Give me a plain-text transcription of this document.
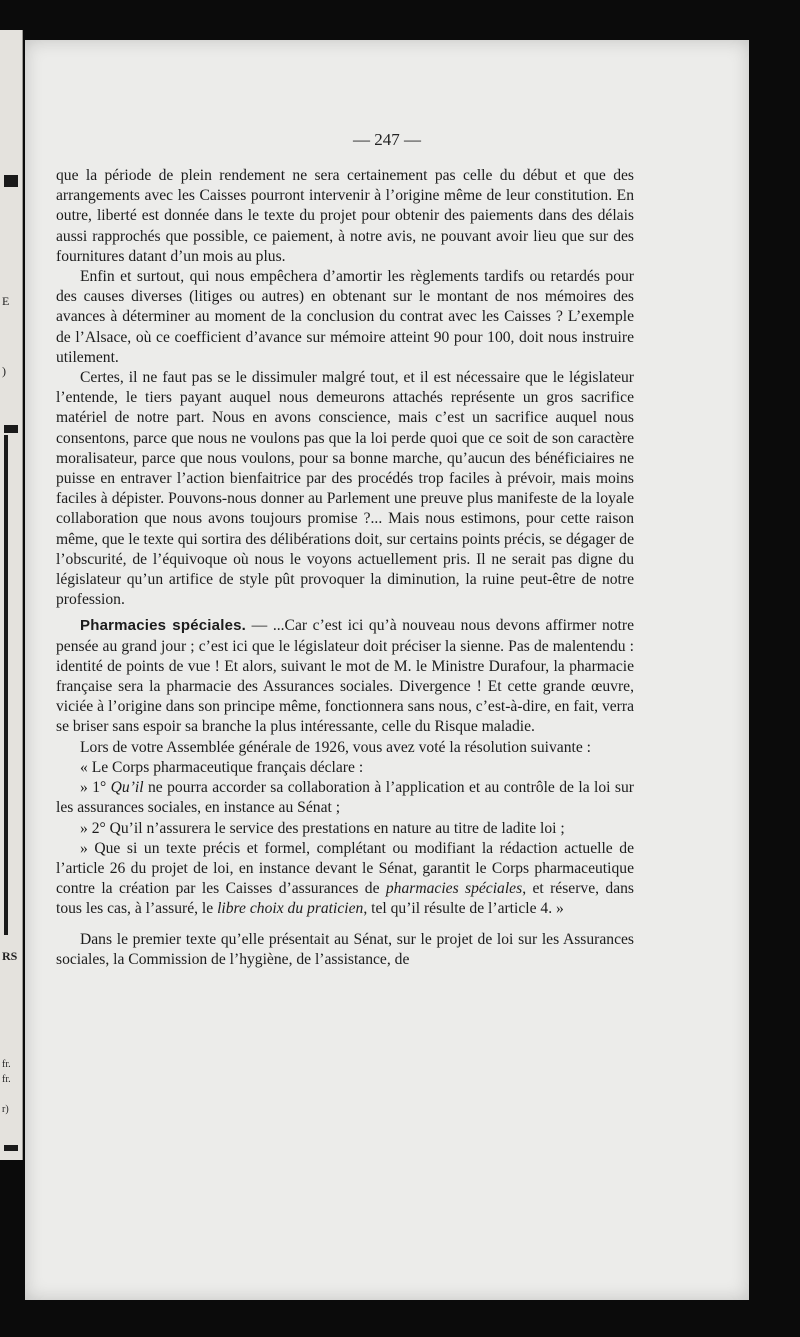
E
)
RS
fr.
fr.
r)
— 247 —

que la période de plein rendement ne sera certainement pas celle du début et que des arrangements avec les Caisses pourront intervenir à l’origine même de leur constitution. En outre, liberté est donnée dans le texte du projet pour obtenir des paiements dans des délais aussi rapprochés que possible, ce paiement, à notre avis, ne pouvant avoir lieu que sur des fournitures datant d’un mois au plus.

Enfin et surtout, qui nous empêchera d’amortir les règlements tardifs ou retardés pour des causes diverses (litiges ou autres) en obtenant sur le montant de nos mémoires des avances à déterminer au moment de la conclusion du contrat avec les Caisses ? L’exemple de l’Alsace, où ce coefficient d’avance sur mémoire atteint 90 pour 100, doit nous instruire utilement.

Certes, il ne faut pas se le dissimuler malgré tout, et il est nécessaire que le législateur l’entende, le tiers payant auquel nous demeurons attachés représente un gros sacrifice matériel de notre part. Nous en avons conscience, mais c’est un sacrifice auquel nous consentons, parce que nous ne voulons pas que la loi perde quoi que ce soit de son caractère moralisateur, parce que nous voulons, pour sa bonne marche, qu’aucun des bénéficiaires ne puisse en entraver l’action bienfaitrice par des procédés trop faciles à prévoir, mais moins faciles à dépister. Pouvons-nous donner au Parlement une preuve plus manifeste de la loyale collaboration que nous avons toujours promise ?... Mais nous estimons, pour cette raison même, que le texte qui sortira des délibérations doit, sur certains points précis, se dégager de l’obscurité, de l’équivoque où nous le voyons actuellement pris. Il ne serait pas digne du législateur qu’un artifice de style pût provoquer la diminution, la ruine peut-être de notre profession.

Pharmacies spéciales. — ...Car c’est ici qu’à nouveau nous devons affirmer notre pensée au grand jour ; c’est ici que le législateur doit préciser la sienne. Pas de malentendu : identité de points de vue ! Et alors, suivant le mot de M. le Ministre Durafour, la pharmacie française sera la pharmacie des Assurances sociales. Divergence ! Et cette grande œuvre, viciée à l’origine dans son principe même, fonctionnera sans nous, c’est-à-dire, en fait, verra se briser sans espoir sa branche la plus intéressante, celle du Risque maladie.

Lors de votre Assemblée générale de 1926, vous avez voté la résolution suivante :

« Le Corps pharmaceutique français déclare :

» 1° Qu’il ne pourra accorder sa collaboration à l’application et au contrôle de la loi sur les assurances sociales, en instance au Sénat ;

» 2° Qu’il n’assurera le service des prestations en nature au titre de ladite loi ;

» Que si un texte précis et formel, complétant ou modifiant la rédaction actuelle de l’article 26 du projet de loi, en instance devant le Sénat, garantit le Corps pharmaceutique contre la création par les Caisses d’assurances de pharmacies spéciales, et réserve, dans tous les cas, à l’assuré, le libre choix du praticien, tel qu’il résulte de l’article 4. »

Dans le premier texte qu’elle présentait au Sénat, sur le projet de loi sur les Assurances sociales, la Commission de l’hygiène, de l’assistance, de
